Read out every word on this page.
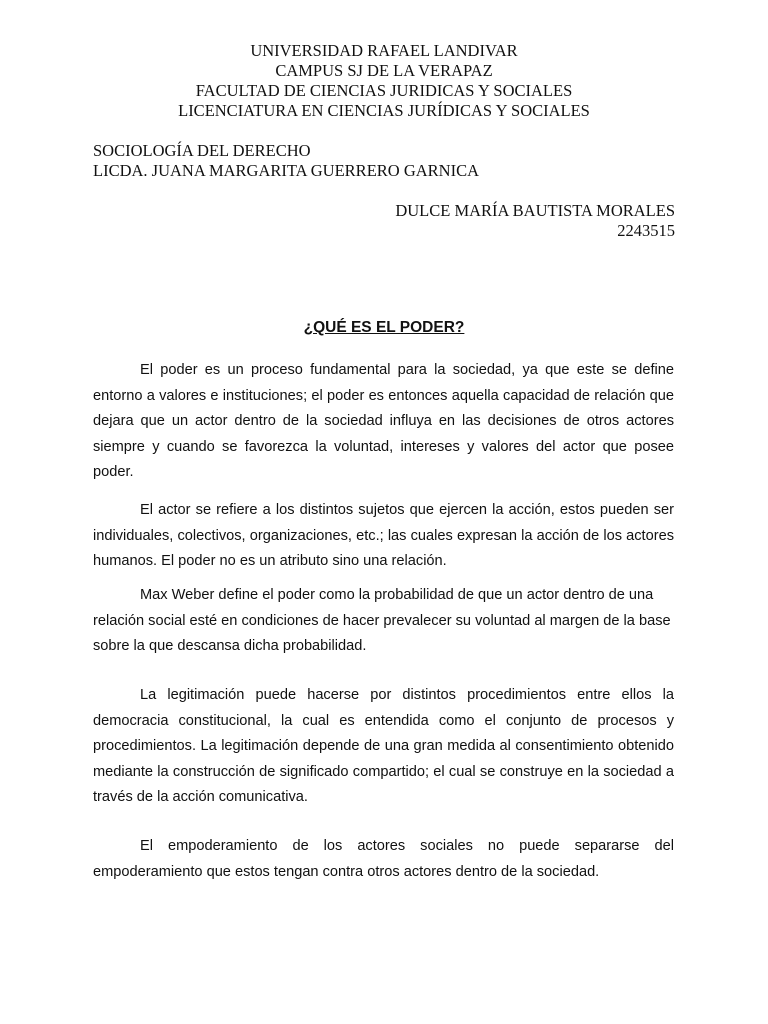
UNIVERSIDAD RAFAEL LANDIVAR
CAMPUS SJ DE LA VERAPAZ
FACULTAD DE CIENCIAS JURIDICAS Y SOCIALES
LICENCIATURA EN CIENCIAS JURÍDICAS Y SOCIALES
SOCIOLOGÍA DEL DERECHO
LICDA. JUANA MARGARITA GUERRERO GARNICA
DULCE MARÍA BAUTISTA MORALES
2243515
¿QUÉ ES EL PODER?

El poder es un proceso fundamental para la sociedad, ya que este se define entorno a valores e instituciones; el poder es entonces aquella capacidad de relación que dejara que un actor dentro de la sociedad influya en las decisiones de otros actores siempre y cuando se favorezca la voluntad, intereses y valores del actor que posee poder.

El actor se refiere a los distintos sujetos que ejercen la acción, estos pueden ser individuales, colectivos, organizaciones, etc.; las cuales expresan la acción de los actores humanos. El poder no es un atributo sino una relación.

Max Weber define el poder como la probabilidad de que un actor dentro de una relación social esté en condiciones de hacer prevalecer su voluntad al margen de la base sobre la que descansa dicha probabilidad.

La legitimación puede hacerse por distintos procedimientos entre ellos la democracia constitucional, la cual es entendida como el conjunto de procesos y procedimientos. La legitimación depende de una gran medida al consentimiento obtenido mediante la construcción de significado compartido; el cual se construye en la sociedad a través de la acción comunicativa.

El empoderamiento de los actores sociales no puede separarse del empoderamiento que estos tengan contra otros actores dentro de la sociedad.
